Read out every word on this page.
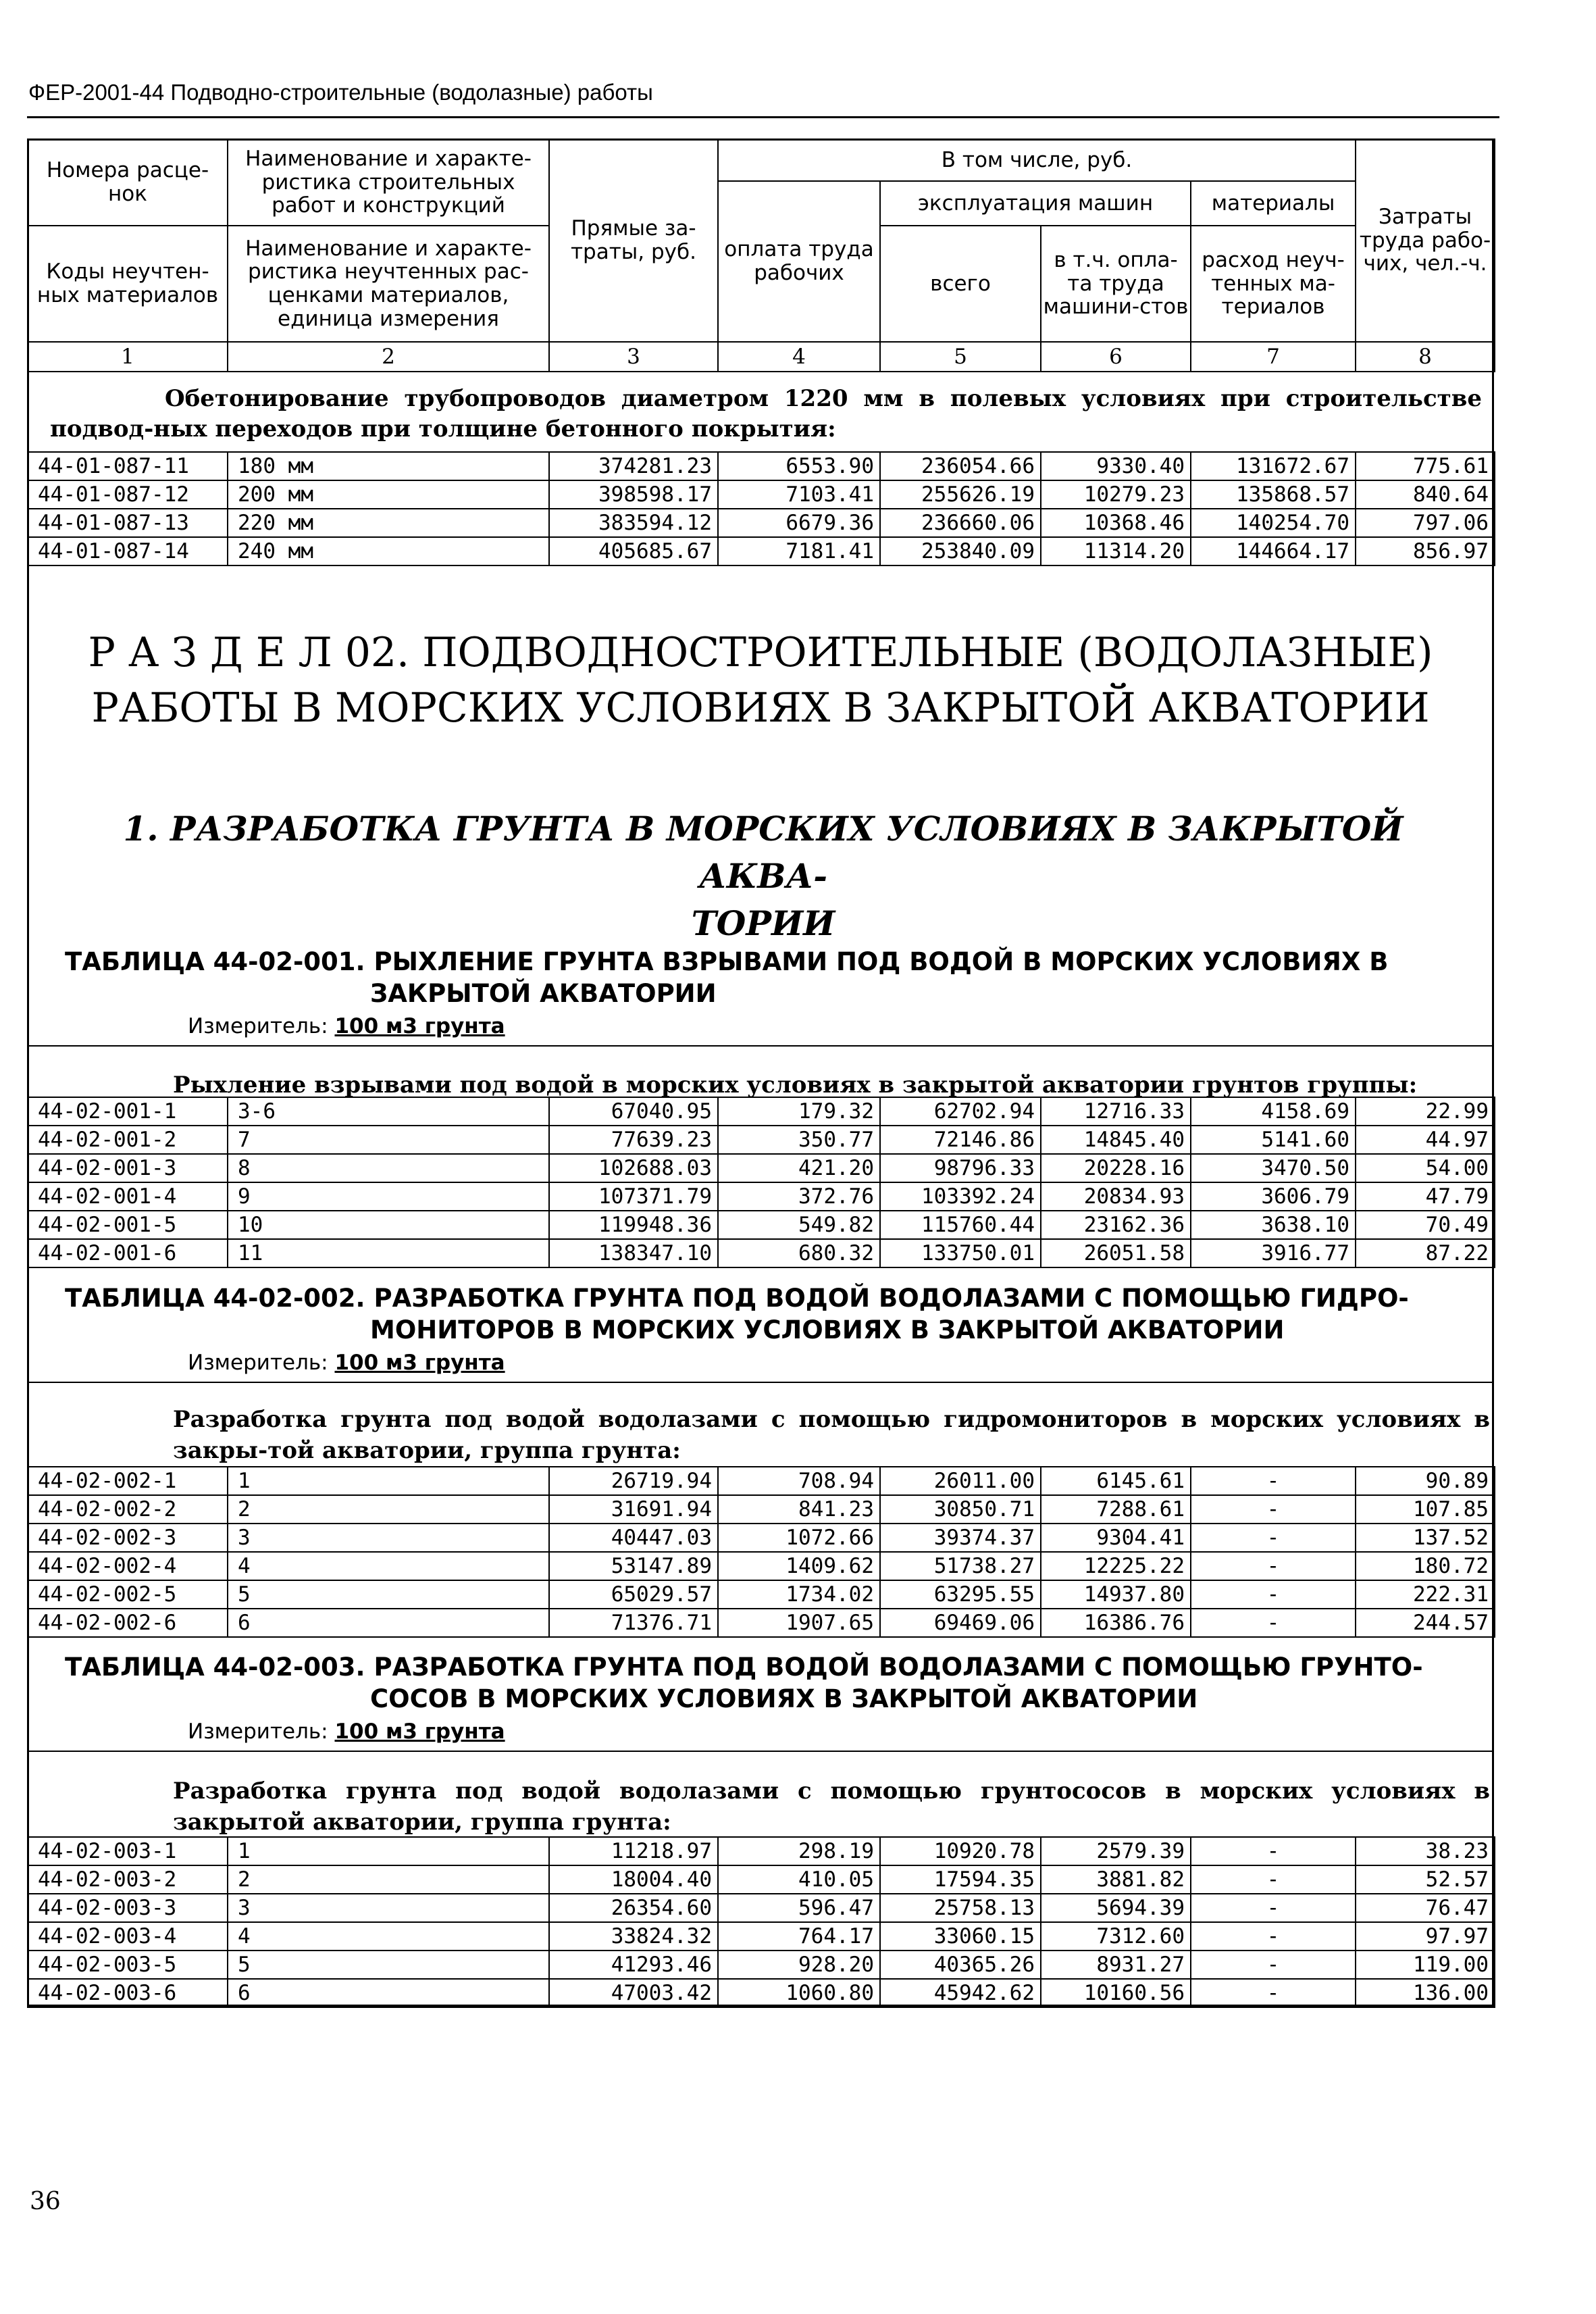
ФЕР-2001-44 Подводно-строительные (водолазные) работы
Номера расце-нок	Наименование и характе-ристика строительных работ и конструкций	Прямые за-траты, руб.	В том числе, руб.				Затраты труда рабо-чих, чел.-ч.
			оплата труда рабочих	эксплуатация машин		материалы	
Коды неучтен-ных материалов	Наименование и характе-ристика неучтенных рас-ценками материалов, единица измерения			всего	в т.ч. опла-та труда машини-стов	расход неуч-тенных ма-териалов	

1	2	3	4	5	6	7	8
Обетонирование трубопроводов диаметром 1220 мм в полевых условиях при строительстве подвод-ных переходов при толщине бетонного покрытия:
44-01-087-11	180 мм	374281.23	6553.90	236054.66	9330.40	131672.67	775.61
44-01-087-12	200 мм	398598.17	7103.41	255626.19	10279.23	135868.57	840.64
44-01-087-13	220 мм	383594.12	6679.36	236660.06	10368.46	140254.70	797.06
44-01-087-14	240 мм	405685.67	7181.41	253840.09	11314.20	144664.17	856.97
Р А З Д Е Л 02. ПОДВОДНОСТРОИТЕЛЬНЫЕ (ВОДОЛАЗНЫЕ)
РАБОТЫ В МОРСКИХ УСЛОВИЯХ В ЗАКРЫТОЙ АКВАТОРИИ
1. РАЗРАБОТКА ГРУНТА В МОРСКИХ УСЛОВИЯХ В ЗАКРЫТОЙ АКВА-
ТОРИИ
ТАБЛИЦА 44-02-001. РЫХЛЕНИЕ ГРУНТА ВЗРЫВАМИ ПОД ВОДОЙ В МОРСКИХ УСЛОВИЯХ В
ЗАКРЫТОЙ АКВАТОРИИ
Измеритель: 100 м3 грунта
Рыхление взрывами под водой в морских условиях в закрытой акватории грунтов группы:
44-02-001-1	3-6	67040.95	179.32	62702.94	12716.33	4158.69	22.99
44-02-001-2	7	77639.23	350.77	72146.86	14845.40	5141.60	44.97
44-02-001-3	8	102688.03	421.20	98796.33	20228.16	3470.50	54.00
44-02-001-4	9	107371.79	372.76	103392.24	20834.93	3606.79	47.79
44-02-001-5	10	119948.36	549.82	115760.44	23162.36	3638.10	70.49
44-02-001-6	11	138347.10	680.32	133750.01	26051.58	3916.77	87.22
ТАБЛИЦА 44-02-002. РАЗРАБОТКА ГРУНТА ПОД ВОДОЙ ВОДОЛАЗАМИ С ПОМОЩЬЮ ГИДРО-
МОНИТОРОВ В МОРСКИХ УСЛОВИЯХ В ЗАКРЫТОЙ АКВАТОРИИ
Измеритель: 100 м3 грунта
Разработка грунта под водой водолазами с помощью гидромониторов в морских условиях в закры-той акватории, группа грунта:
44-02-002-1	1	26719.94	708.94	26011.00	6145.61	-	90.89
44-02-002-2	2	31691.94	841.23	30850.71	7288.61	-	107.85
44-02-002-3	3	40447.03	1072.66	39374.37	9304.41	-	137.52
44-02-002-4	4	53147.89	1409.62	51738.27	12225.22	-	180.72
44-02-002-5	5	65029.57	1734.02	63295.55	14937.80	-	222.31
44-02-002-6	6	71376.71	1907.65	69469.06	16386.76	-	244.57
ТАБЛИЦА 44-02-003. РАЗРАБОТКА ГРУНТА ПОД ВОДОЙ ВОДОЛАЗАМИ С ПОМОЩЬЮ ГРУНТО-
СОСОВ В МОРСКИХ УСЛОВИЯХ В ЗАКРЫТОЙ АКВАТОРИИ
Измеритель: 100 м3 грунта
Разработка грунта под водой водолазами с помощью грунтососов в морских условиях в закрытой акватории, группа грунта:
44-02-003-1	1	11218.97	298.19	10920.78	2579.39	-	38.23
44-02-003-2	2	18004.40	410.05	17594.35	3881.82	-	52.57
44-02-003-3	3	26354.60	596.47	25758.13	5694.39	-	76.47
44-02-003-4	4	33824.32	764.17	33060.15	7312.60	-	97.97
44-02-003-5	5	41293.46	928.20	40365.26	8931.27	-	119.00
44-02-003-6	6	47003.42	1060.80	45942.62	10160.56	-	136.00
36
